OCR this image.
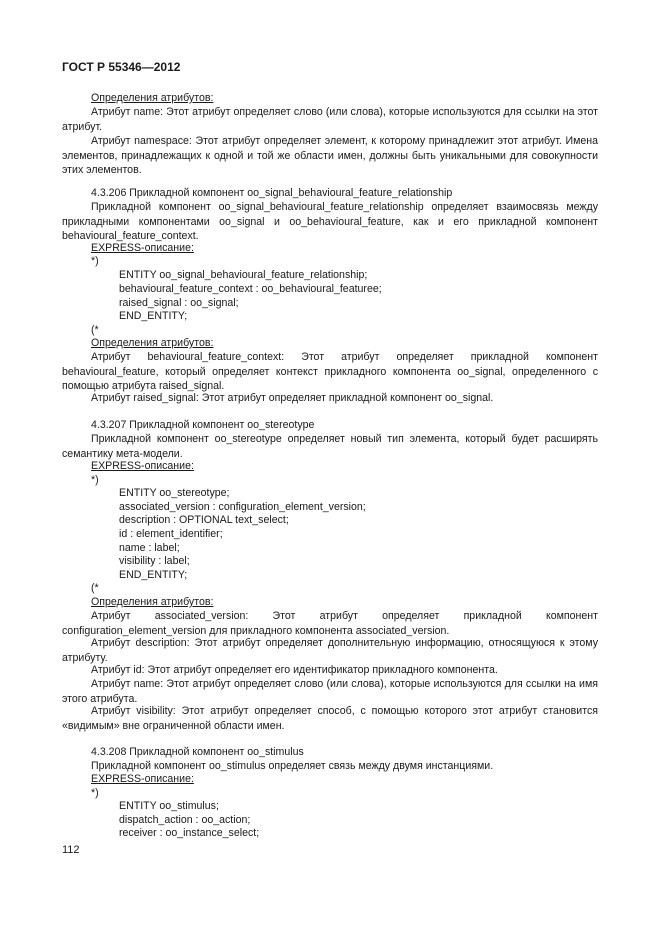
ГОСТ Р 55346—2012
Определения атрибутов:
Атрибут name: Этот атрибут определяет слово (или слова), которые используются для ссылки на этот атрибут.
Атрибут namespace: Этот атрибут определяет элемент, к которому принадлежит этот атрибут. Имена элементов, принадлежащих к одной и той же области имен, должны быть уникальными для совокупности этих элементов.
4.3.206 Прикладной компонент oo_signal_behavioural_feature_relationship
Прикладной компонент oo_signal_behavioural_feature_relationship определяет взаимосвязь между прикладными компонентами oo_signal и oo_behavioural_feature, как и его прикладной компонент behavioural_feature_context.
EXPRESS-описание:
*)
ENTITY oo_signal_behavioural_feature_relationship;
behavioural_feature_context : oo_behavioural_featuree;
raised_signal : oo_signal;
END_ENTITY;
(*
Определения атрибутов:
Атрибут behavioural_feature_context: Этот атрибут определяет прикладной компонент behavioural_feature, который определяет контекст прикладного компонента oo_signal, определенного с помощью атрибута raised_signal.
Атрибут raised_signal: Этот атрибут определяет прикладной компонент oo_signal.
4.3.207 Прикладной компонент oo_stereotype
Прикладной компонент oo_stereotype определяет новый тип элемента, который будет расширять семантику мета-модели.
EXPRESS-описание:
*)
ENTITY oo_stereotype;
associated_version : configuration_element_version;
description : OPTIONAL text_select;
id : element_identifier;
name : label;
visibility : label;
END_ENTITY;
(*
Определения атрибутов:
Атрибут associated_version: Этот атрибут определяет прикладной компонент configuration_element_version для прикладного компонента associated_version.
Атрибут description: Этот атрибут определяет дополнительную информацию, относящуюся к этому атрибуту.
Атрибут id: Этот атрибут определяет его идентификатор прикладного компонента.
Атрибут name: Этот атрибут определяет слово (или слова), которые используются для ссылки на имя этого атрибута.
Атрибут visibility: Этот атрибут определяет способ, с помощью которого этот атрибут становится «видимым» вне ограниченной области имен.
4.3.208 Прикладной компонент oo_stimulus
Прикладной компонент oo_stimulus определяет связь между двумя инстанциями.
EXPRESS-описание:
*)
ENTITY oo_stimulus;
dispatch_action : oo_action;
receiver : oo_instance_select;
112
